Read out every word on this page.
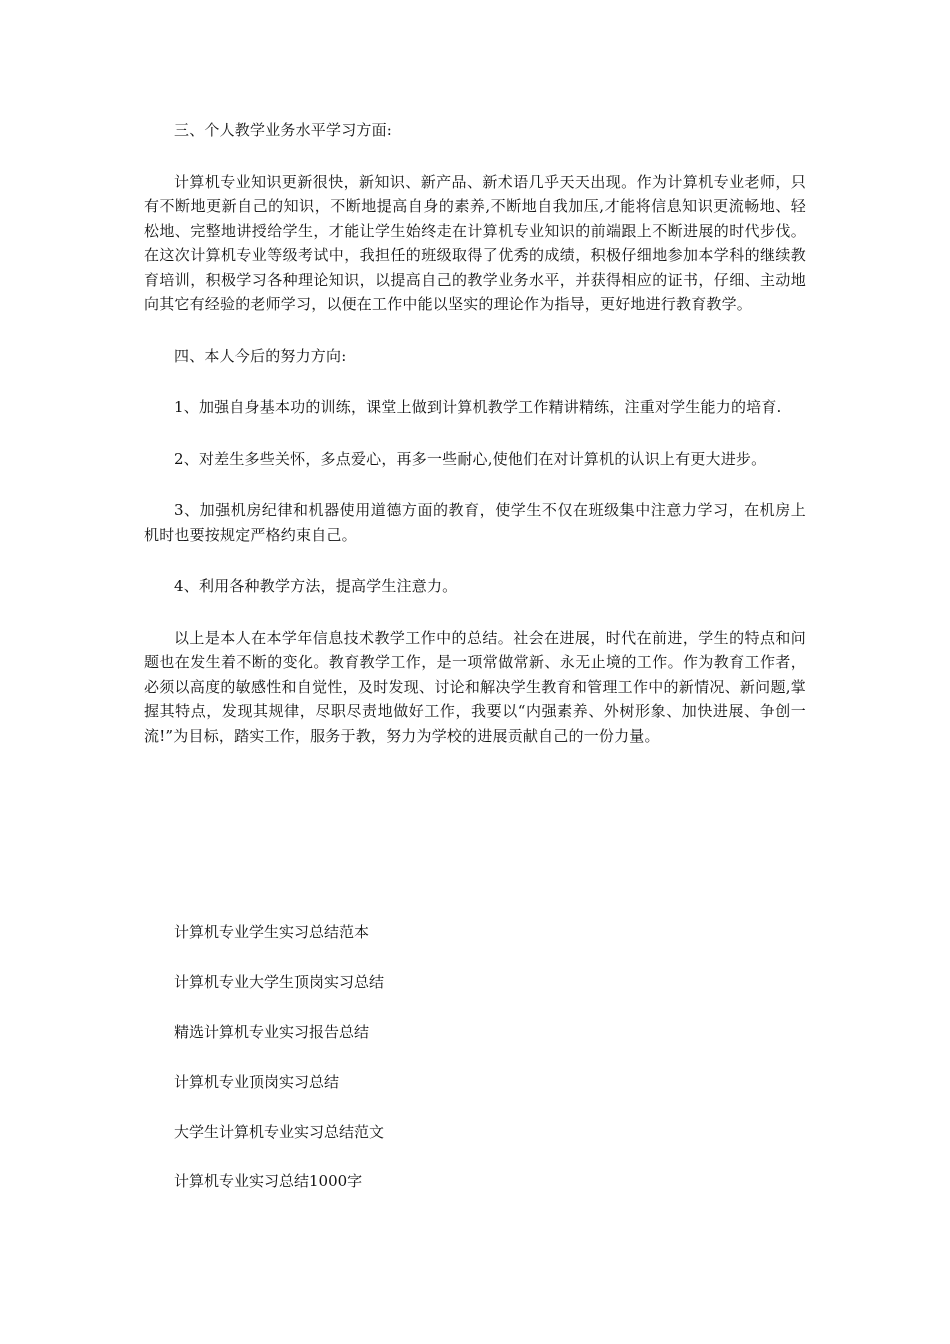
三、个人教学业务水平学习方面:

计算机专业知识更新很快，新知识、新产品、新术语几乎天天出现。作为计算机专业老师，只有不断地更新自己的知识，不断地提高自身的素养,不断地自我加压,才能将信息知识更流畅地、轻松地、完整地讲授给学生，才能让学生始终走在计算机专业知识的前端跟上不断进展的时代步伐。在这次计算机专业等级考试中，我担任的班级取得了优秀的成绩，积极仔细地参加本学科的继续教育培训，积极学习各种理论知识，以提高自己的教学业务水平，并获得相应的证书，仔细、主动地向其它有经验的老师学习，以便在工作中能以坚实的理论作为指导，更好地进行教育教学。

四、本人今后的努力方向:

1、加强自身基本功的训练，课堂上做到计算机教学工作精讲精练，注重对学生能力的培育.

2、对差生多些关怀，多点爱心，再多一些耐心,使他们在对计算机的认识上有更大进步。

3、加强机房纪律和机器使用道德方面的教育，使学生不仅在班级集中注意力学习，在机房上机时也要按规定严格约束自己。

4、利用各种教学方法，提高学生注意力。

以上是本人在本学年信息技术教学工作中的总结。社会在进展，时代在前进，学生的特点和问题也在发生着不断的变化。教育教学工作，是一项常做常新、永无止境的工作。作为教育工作者，必须以高度的敏感性和自觉性，及时发现、讨论和解决学生教育和管理工作中的新情况、新问题,掌握其特点，发现其规律，尽职尽责地做好工作，我要以“内强素养、外树形象、加快进展、争创一流!”为目标，踏实工作，服务于教，努力为学校的进展贡献自己的一份力量。

计算机专业学生实习总结范本
计算机专业大学生顶岗实习总结
精选计算机专业实习报告总结
计算机专业顶岗实习总结
大学生计算机专业实习总结范文
计算机专业实习总结1000字
